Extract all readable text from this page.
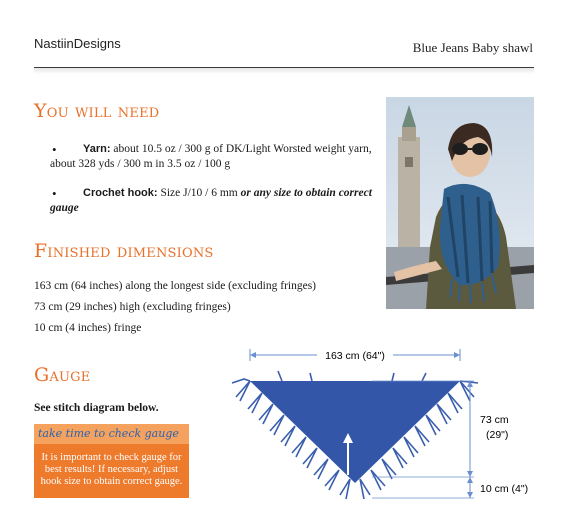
NastiinDesigns	Blue Jeans Baby shawl
You will need
•	Yarn: about 10.5 oz / 300 g of DK/Light Worsted weight yarn, about 328 yds / 300 m in 3.5 oz / 100 g
•	Crochet hook: Size J/10 / 6 mm or any size to obtain correct gauge
Finished dimensions
163 cm (64 inches) along the longest side (excluding fringes)
73 cm (29 inches) high (excluding fringes)
10 cm (4 inches) fringe
Gauge
See stitch diagram below.
take time to check gauge
It is important to check gauge for best results! If necessary, adjust hook size to obtain correct gauge.
163 cm (64")
73 cm
(29")
10 cm (4")
